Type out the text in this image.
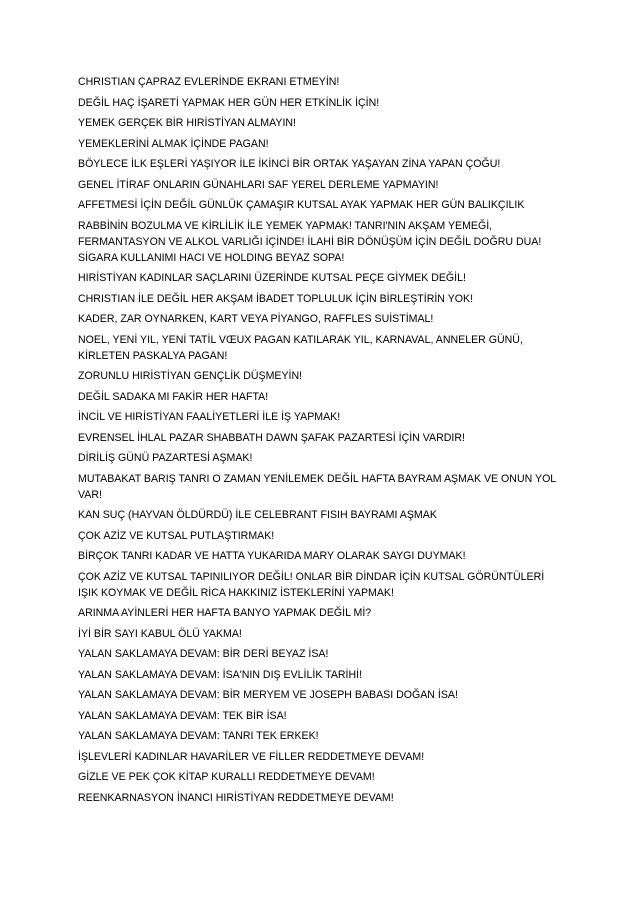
CHRISTIAN ÇAPRAZ EVLERİNDE EKRANI ETMEYİN!

DEĞİL HAÇ İŞARETİ YAPMAK HER GÜN HER ETKİNLİK İÇİN!

YEMEK GERÇEK BİR HIRİSTİYAN ALMAYIN!

YEMEKLERİNİ ALMAK İÇİNDE PAGAN!

BÖYLECE İLK EŞLERİ YAŞIYOR İLE İKİNCİ BİR ORTAK YAŞAYAN ZİNA YAPAN ÇOĞU!

GENEL İTİRAF ONLARIN GÜNAHLARI SAF YEREL DERLEME YAPMAYIN!

AFFETMESİ İÇİN DEĞİL GÜNLÜK ÇAMAŞIR KUTSAL AYAK YAPMAK HER GÜN BALIKÇILIK

RABBİNİN BOZULMA VE KİRLİLİK İLE YEMEK YAPMAK! TANRI'NIN AKŞAM YEMEĞİ, FERMANTASYON VE ALKOL VARLIĞI İÇİNDE! İLAHİ BİR DÖNÜŞÜM İÇİN DEĞİL DOĞRU DUA! SİGARA KULLANIMI HACI VE HOLDING BEYAZ SOPA!

HIRİSTİYAN KADINLAR SAÇLARINI ÜZERİNDE KUTSAL PEÇE GİYMEK DEĞİL!

CHRISTIAN İLE DEĞİL HER AKŞAM İBADET TOPLULUK İÇİN BİRLEŞTİRİN YOK!

KADER, ZAR OYNARKEN, KART VEYA PİYANGO, RAFFLES SUİSTİMAL!

NOEL, YENİ YIL, YENİ TATİL VŒUX PAGAN KATILARAK YIL, KARNAVAL, ANNELER GÜNÜ, KİRLETEN PASKALYA PAGAN!

ZORUNLU HIRİSTİYAN GENÇLİK DÜŞMEYİN!

DEĞİL SADAKA MI FAKİR HER HAFTA!

İNCİL VE HIRİSTİYAN FAALİYETLERİ İLE İŞ YAPMAK!

EVRENSEL İHLAL PAZAR SHABBATH DAWN ŞAFAK PAZARTESİ İÇİN VARDIR!

DİRİLİŞ GÜNÜ PAZARTESİ AŞMAK!

MUTABAKAT BARIŞ TANRI O ZAMAN YENİLEMEK DEĞİL HAFTA BAYRAM AŞMAK VE ONUN YOL VAR!

KAN SUÇ (HAYVAN ÖLDÜRDÜ) İLE CELEBRANT FISIH BAYRAMI AŞMAK

ÇOK AZİZ VE KUTSAL PUTLAŞTIRMAK!

BİRÇOK TANRI KADAR VE HATTA YUKARIDA MARY OLARAK SAYGI DUYMAK!

ÇOK AZİZ VE KUTSAL TAPINILIYOR DEĞİL! ONLAR BİR DİNDAR İÇİN KUTSAL GÖRÜNTÜLERİ IŞIK KOYMAK VE DEĞİL RİCA HAKKINIZ İSTEKLERİNİ YAPMAK!

ARINMA AYİNLERİ HER HAFTA BANYO YAPMAK DEĞİL Mİ?

İYİ BİR SAYI KABUL ÖLÜ YAKMA!

YALAN SAKLAMAYA DEVAM: BİR DERİ BEYAZ İSA!

YALAN SAKLAMAYA DEVAM: İSA'NIN DIŞ EVLİLİK TARİHİ!

YALAN SAKLAMAYA DEVAM: BİR MERYEM VE JOSEPH BABASI DOĞAN İSA!

YALAN SAKLAMAYA DEVAM: TEK BİR İSA!

YALAN SAKLAMAYA DEVAM: TANRI TEK ERKEK!

İŞLEVLERİ KADINLAR HAVARİLER VE FİLLER REDDETMEYE DEVAM!

GİZLE VE PEK ÇOK KİTAP KURALLI REDDETMEYE DEVAM!

REENKARNASYON İNANCI HIRİSTİYAN REDDETMEYE DEVAM!
